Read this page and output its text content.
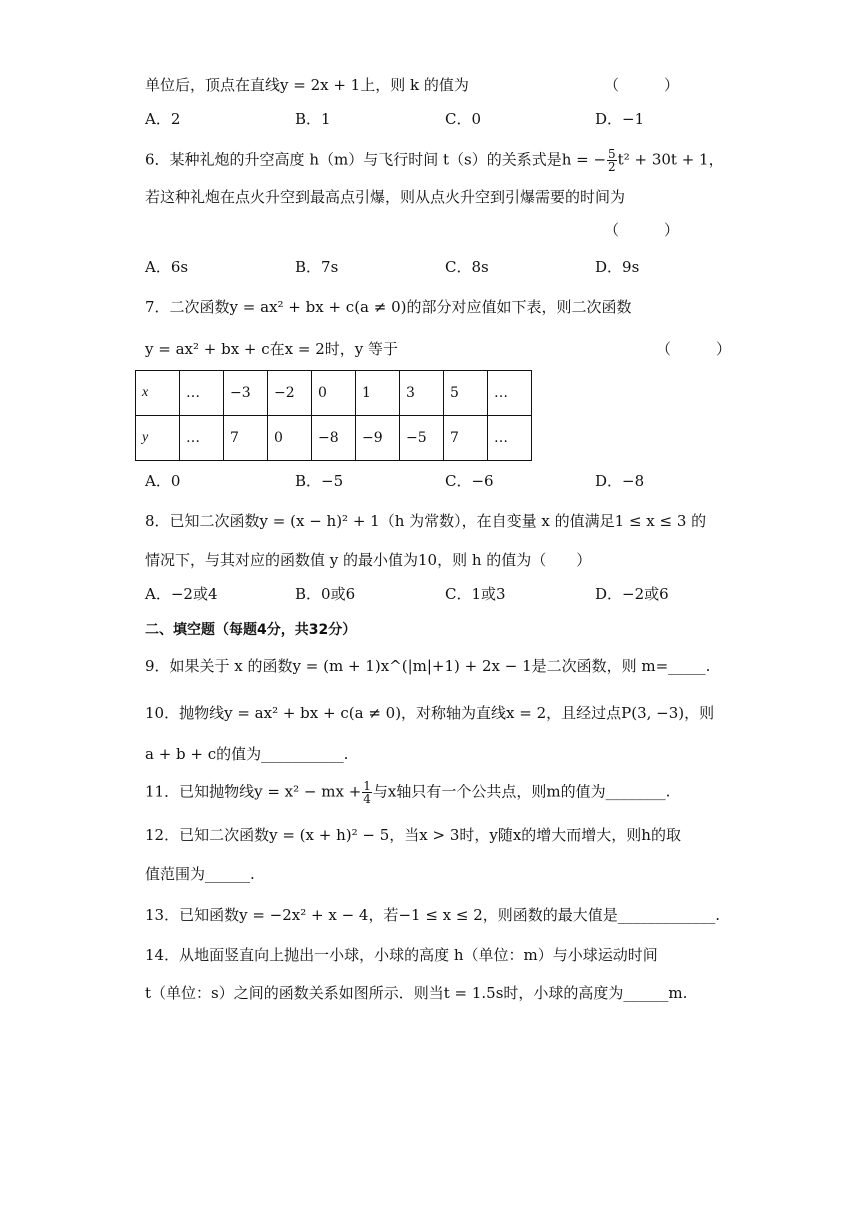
单位后，顶点在直线y = 2x + 1上，则 k 的值为	（　　　）
A．2	B．1	C．0	D．−1
6．某种礼炮的升空高度 h（m）与飞行时间 t（s）的关系式是h = − $\frac{5}{2} t^2 + 30t + 1$，
若这种礼炮在点火升空到最高点引爆，则从点火升空到引爆需要的时间为
（　　　）
A．6s	B．7s	C．8s	D．9s
7．二次函数y = ax² + bx + c(a ≠ 0)的部分对应值如下表，则二次函数
y = ax² + bx + c在x = 2时，y 等于	（　　　）
x	…	−3	−2	0	1	3	5	…
y	…	7	0	−8	−9	−5	7	…
A．0	B．−5	C．−6	D．−8
8．已知二次函数y = (x − h)² + 1（h 为常数），在自变量 x 的值满足1 ≤ x ≤ 3 的
情况下，与其对应的函数值 y 的最小值为10，则 h 的值为（　　）
A．−2或4	B．0或6	C．1或3	D．−2或6
二、填空题（每题4分，共32分）
9．如果关于 x 的函数y = (m + 1)x^(|m|+1) + 2x − 1是二次函数，则 m=_____.
10．抛物线y = ax² + bx + c(a ≠ 0)，对称轴为直线x = 2，且经过点P(3, −3)，则
a + b + c的值为___________.
11．已知抛物线y = x² − mx + $\frac{1}{4}$ 与x轴只有一个公共点，则m的值为________.
12．已知二次函数y = (x + h)² − 5，当x > 3时，y随x的增大而增大，则h的取
值范围为______.
13．已知函数y = −2x² + x − 4，若−1 ≤ x ≤ 2，则函数的最大值是_____________.
14．从地面竖直向上抛出一小球，小球的高度 h（单位：m）与小球运动时间
t（单位：s）之间的函数关系如图所示．则当t = 1.5s时，小球的高度为______m.
